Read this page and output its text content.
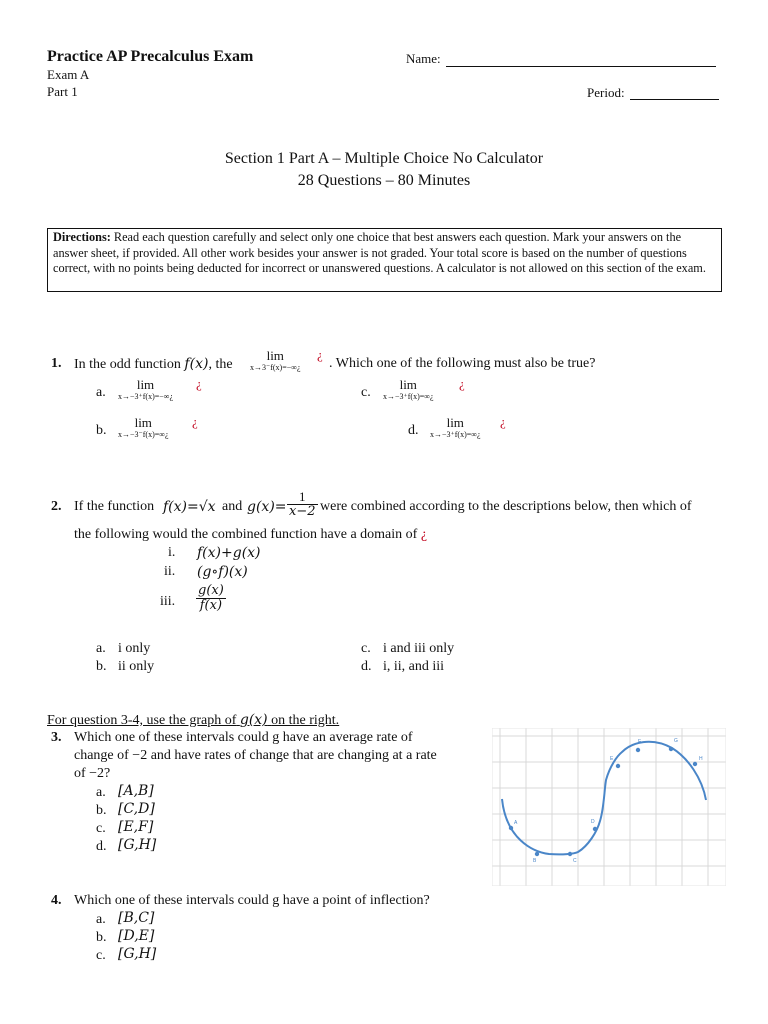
Practice AP Precalculus Exam
Exam A
Part 1
Name:
Period:
Section 1 Part A – Multiple Choice No Calculator
28 Questions – 80 Minutes
Directions: Read each question carefully and select only one choice that best answers each question. Mark your answers on the answer sheet, if provided. All other work besides your answer is not graded. Your total score is based on the number of questions correct, with no points being deducted for incorrect or unanswered questions. A calculator is not allowed on this section of the exam.
1. In the odd function f(x), the
lim
x→3⁻f(x)=−∞¿
¿
. Which one of the following must also be true?
a.
lim
x→−3⁺f(x)=−∞¿
¿
b.
lim
x→−3⁻f(x)=∞¿
¿
c.
lim
x→−3⁺f(x)=∞¿
¿
d.
lim
x→−3⁺f(x)=∞¿
¿
2. If the function f(x)=√x and $g(x)= \frac{1}{x-2}$ were combined according to the descriptions below, then which of
the following would the combined function have a domain of ¿
i. f(x)+g(x)
ii. (g∘f)(x)
iii. $\frac{g(x)}{f(x)}$
a. i only
b. ii only
c. i and iii only
d. i, ii, and iii
For question 3-4, use the graph of g(x) on the right.
3. Which one of these intervals could g have an average rate of
change of −2 and have rates of change that are changing at a rate
of −2?
a. [A,B]
b. [C,D]
c. [E,F]
d. [G,H]
A
B	C
D
E
F	G
H
4. Which one of these intervals could g have a point of inflection?
a. [B,C]
b. [D,E]
c. [G,H]
